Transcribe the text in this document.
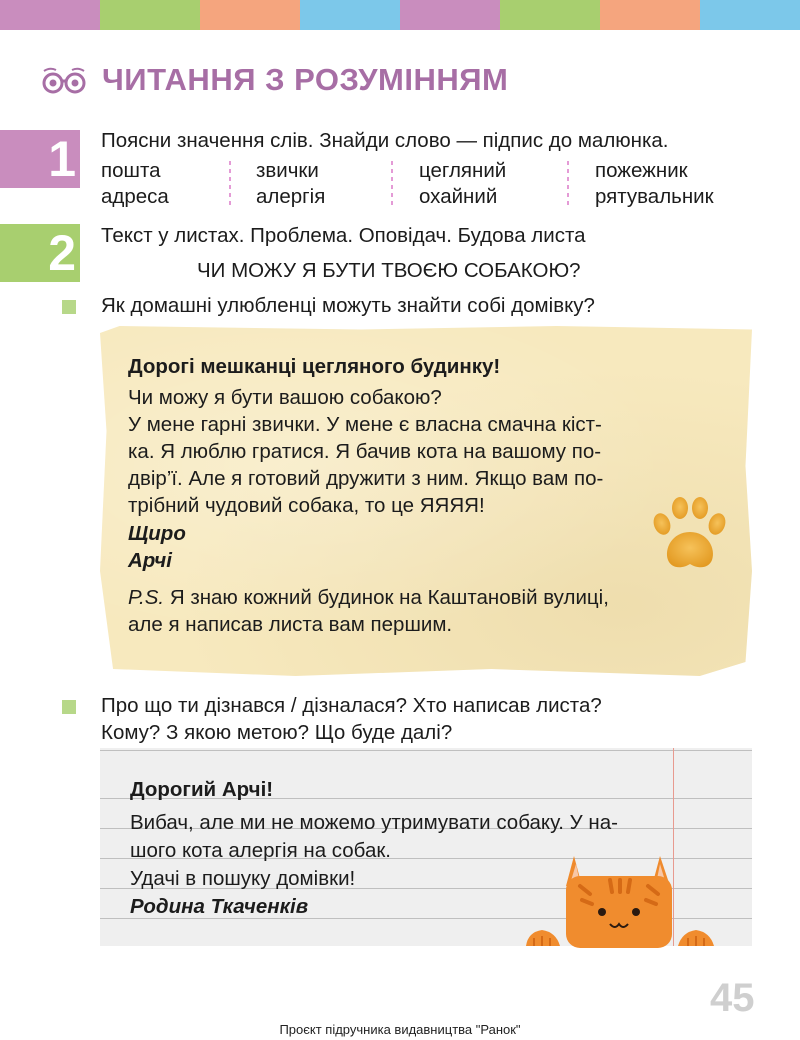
ЧИТАННЯ З РОЗУМІННЯМ
1 Поясни значення слів. Знайди слово — підпис до малюнка.
пошта
адреса
звички
алергія
цегляний
охайний
пожежник
рятувальник
2 Текст у листах. Проблема. Оповідач. Будова листа
ЧИ МОЖУ Я БУТИ ТВОЄЮ СОБАКОЮ?
Як домашні улюбленці можуть знайти собі домівку?
Дорогі мешканці цегляного будинку!
Чи можу я бути вашою собакою?
У мене гарні звички. У мене є власна смачна кіст-
ка. Я люблю гратися. Я бачив кота на вашому по-
двір’ї. Але я готовий дружити з ним. Якщо вам по-
трібний чудовий собака, то це ЯЯЯЯ!
Щиро
Арчі
P.S. Я знаю кожний будинок на Каштановій вулиці,
але я написав листа вам першим.
Про що ти дізнався / дізналася? Хто написав листа?
Кому? З якою метою? Що буде далі?
Дорогий Арчі!
Вибач, але ми не можемо утримувати собаку. У на-
шого кота алергія на собак.
Удачі в пошуку домівки!
Родина Ткаченків
45
Проєкт підручника видавництва "Ранок"
